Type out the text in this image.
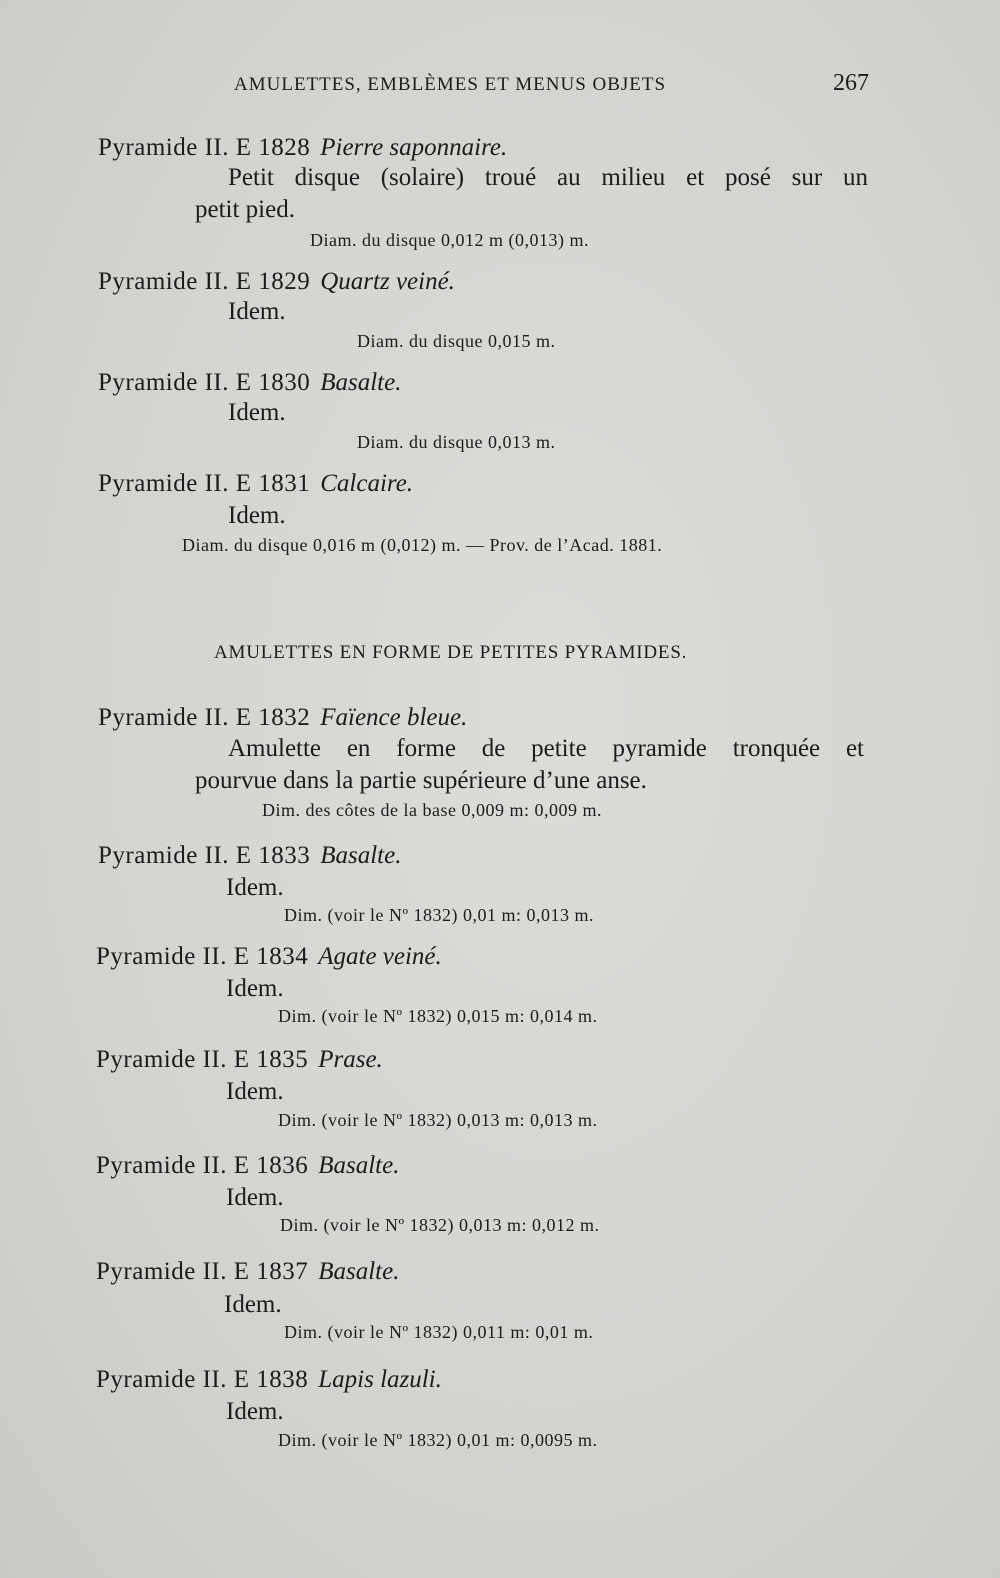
AMULETTES, EMBLÈMES ET MENUS OBJETS	267
Pyramide II. E 1828 Pierre saponnaire.
Petit disque (solaire) troué au milieu et posé sur un
petit pied.
Diam. du disque 0,012 m (0,013) m.
Pyramide II. E 1829 Quartz veiné.
Idem.
Diam. du disque 0,015 m.
Pyramide II. E 1830 Basalte.
Idem.
Diam. du disque 0,013 m.
Pyramide II. E 1831 Calcaire.
Idem.
Diam. du disque 0,016 m (0,012) m. — Prov. de l’Acad. 1881.
AMULETTES EN FORME DE PETITES PYRAMIDES.
Pyramide II. E 1832 Faïence bleue.
Amulette en forme de petite pyramide tronquée et
pourvue dans la partie supérieure d’une anse.
Dim. des côtes de la base 0,009 m: 0,009 m.
Pyramide II. E 1833 Basalte.
Idem.
Dim. (voir le Nº 1832) 0,01 m: 0,013 m.
Pyramide II. E 1834 Agate veiné.
Idem.
Dim. (voir le Nº 1832) 0,015 m: 0,014 m.
Pyramide II. E 1835 Prase.
Idem.
Dim. (voir le Nº 1832) 0,013 m: 0,013 m.
Pyramide II. E 1836 Basalte.
Idem.
Dim. (voir le Nº 1832) 0,013 m: 0,012 m.
Pyramide II. E 1837 Basalte.
Idem.
Dim. (voir le Nº 1832) 0,011 m: 0,01 m.
Pyramide II. E 1838 Lapis lazuli.
Idem.
Dim. (voir le Nº 1832) 0,01 m: 0,0095 m.
